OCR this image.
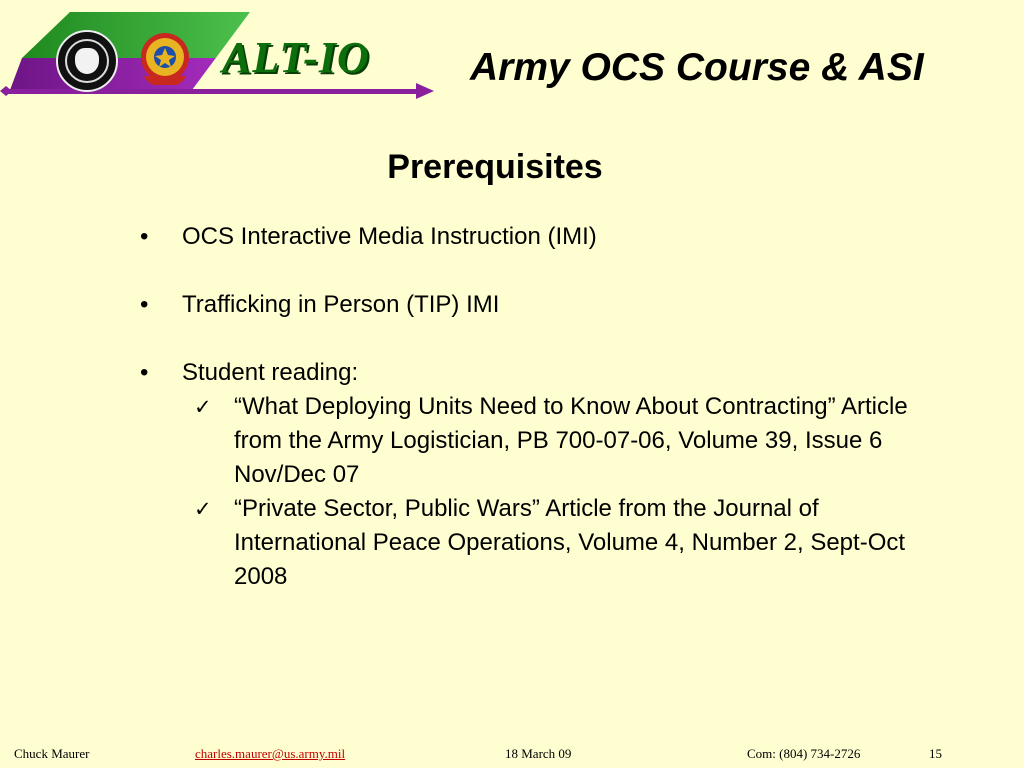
ALT-IO	Army OCS Course & ASI
Prerequisites
• OCS Interactive Media Instruction (IMI)
• Trafficking in Person (TIP) IMI
• Student reading:
✓ “What Deploying Units Need to Know About Contracting” Article from the Army Logistician, PB 700-07-06, Volume 39, Issue 6 Nov/Dec 07
✓ “Private Sector, Public Wars” Article from the Journal of International Peace Operations, Volume 4, Number 2, Sept-Oct 2008
Chuck Maurer	charles.maurer@us.army.mil	18 March 09	Com: (804) 734-2726	15
